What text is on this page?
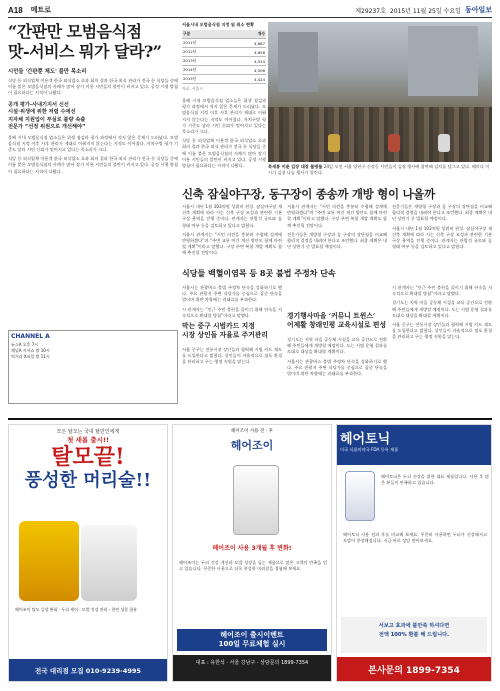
A18 메트로	제29237호 2015년 11월 25일 수요일 동아일보
“간판만 모범음식점
맛-서비스 뭐가 달라?”
시민들 '간판뿐 제도' 불만 목소리
식당 등 외식업체 이용객 한국 외식업소 초과 회의 결과 한국 외식 관리가 전국 등 식당들 중에 이름 붙은 모범음식점의 사례가 많아 장기 이용 시민들의 불만이 커지고 있다. 공정 시행 방침이 필요하다는 지적이 나왔다.
공개 평가-사내기지서 신선
시설·위생에 위한 저렴 수에선
지자체 지원업이 부실로 불량 속출
전문가 “선정 위원으로 개선해야”
올해 시내 모범음식점 업소들은 위생 점검과 평가 과정에서 적지 않은 문제가 드러났다. 모범음식점 지정 이후 사후 관리가 제대로 이뤄지지 않는다는 지적도 이어졌다. 자치구별 평가 기준도 달라 시민 신뢰가 떨어지고 있다는 목소리가 크다.
식당 등 외식업체 이용객 한국 외식업소 초과 회의 결과 한국 외식 관리가 전국 등 식당들 중에 이름 붙은 모범음식점의 사례가 많아 장기 이용 시민들의 불만이 커지고 있다. 공정 시행 방침이 필요하다는 지적이 나왔다.
서울시내 모범음식점 지정 및 취소 현황
구분	개수
2011년	4,687
2012년	4,658
2013년	4,534
2014년	4,506
2015년	4,424
자료: 서울시
올해 시내 모범음식점 업소들은 위생 점검과 평가 과정에서 적지 않은 문제가 드러났다. 모범음식점 지정 이후 사후 관리가 제대로 이뤄지지 않는다는 지적도 이어졌다. 자치구별 평가 기준도 달라 시민 신뢰가 떨어지고 있다는 목소리가 크다.
식당 등 외식업체 이용객 한국 외식업소 초과 회의 결과 한국 외식 관리가 전국 등 식당들 중에 이름 붙은 모범음식점의 사례가 많아 장기 이용 시민들의 불만이 커지고 있다. 공정 시행 방침이 필요하다는 지적이 나왔다.	북새통 이룬 김장 대장 불명물 24일 오전 서울 양천구 신정동 시민들이 김장 행사에 참여해 김치를 담그고 있다. 해마다 이 시기 김장 나눔 행사가 열린다.
신축 잠실야구장, 동구장이 종송까 개방 형이 나올까
서울시 내년 1월 103억원 상위비 편성. 잠실야구장 재건축 계획에 따라 시는 신축 구장 조성과 관련한 기본 구상 용역을 진행 중이다. 관계자는 관람석 규모와 돔 형태 여부 등을 검토하고 있다고 밝혔다.
서울시 관계자는 “시민 의견을 충분히 수렴해 설계에 반영하겠다”며 “주변 교통 여건 개선 방안도 함께 마련할 계획”이라고 말했다. 구장 주변 복합 개발 계획도 함께 추진될 전망이다.
서울시 관계자는 “시민 의견을 충분히 수렴해 설계에 반영하겠다”며 “주변 교통 여건 개선 방안도 함께 마련할 계획”이라고 말했다. 구장 주변 복합 개발 계획도 함께 추진될 전망이다.
전문가들은 개방형 구장과 돔 구장의 장단점을 비교해 합리적 결정을 내려야 한다고 조언했다. 최종 계획은 내년 상반기 중 발표될 예정이다.
전문가들은 개방형 구장과 돔 구장의 장단점을 비교해 합리적 결정을 내려야 한다고 조언했다. 최종 계획은 내년 상반기 중 발표될 예정이다.
서울시 내년 1월 103억원 상위비 편성. 잠실야구장 재건축 계획에 따라 시는 신축 구장 조성과 관련한 기본 구상 용역을 진행 중이다. 관계자는 관람석 규모와 돔 형태 여부 등을 검토하고 있다고 밝혔다.
식당들 백혈이염목 등 8곳 불법 주정차 단속
서울시는 관광버스 불법 주정차 단속을 강화하기로 했다. 주요 관광지 주변 식당가를 중심으로 집중 단속을 벌이며 위반 차량에는 과태료를 부과한다.
시 관계자는 “인근 주민 불편을 줄이기 위해 단속을 지속적으로 확대할 방침”이라고 말했다.
막는 중구 시범카드 지정
시장 상인들 자율로 주거관리
서울 중구는 전통시장 상인들과 협력해 시범 카드 제도를 도입한다고 밝혔다. 상인들이 자율적으로 점포 환경을 관리하고 구는 행정 지원을 맡는다.
경기행사마을 ‘커뮤니 트윈스’
어제활 창래인평 교육시설로 편성
경기도는 지역 마을 공동체 시설을 교육 공간으로 전환해 주민들에게 개방할 예정이다. 도는 시범 운영 결과를 토대로 대상을 확대할 계획이다.
서울시는 관광버스 불법 주정차 단속을 강화하기로 했다. 주요 관광지 주변 식당가를 중심으로 집중 단속을 벌이며 위반 차량에는 과태료를 부과한다.
시 관계자는 “인근 주민 불편을 줄이기 위해 단속을 지속적으로 확대할 방침”이라고 말했다.
경기도는 지역 마을 공동체 시설을 교육 공간으로 전환해 주민들에게 개방할 예정이다. 도는 시범 운영 결과를 토대로 대상을 확대할 계획이다.
서울 중구는 전통시장 상인들과 협력해 시범 카드 제도를 도입한다고 밝혔다. 상인들이 자율적으로 점포 환경을 관리하고 구는 행정 지원을 맡는다.
CHANNEL A
뉴스A 오후 7시
채널A 시사쇼 밤 10시
먹거리 X파일 밤 11시
모든 탈모는 국내 탈만인에게
첫 새롭 출시!!
탈모끝!
풍성한 머리술!!
헤어조이 탈모 증상 완화 · 두피 케어 · 모발 건강 관리 · 천연 성분 함유
전국 대리점 모집 010-9239-4995
헤어조이 사용 전 · 후
헤어조이
헤어조이 사용 3개월 후 변화!
헤어조이는 두피 건강 개선과 모발 성장을 돕는 제품으로 많은 고객의 만족을 얻고 있습니다. 꾸준한 사용으로 더욱 풍성한 머리결을 경험해 보세요.
헤어조이 출시이벤트
100일 무료체험 실시
대표 : 유한석 · 서울 강남구 · 상담문의 1899-7354
헤어토닉
미국 식품의약국 FDA 등록 제품
헤어토닉은 두피 건강을 위한 대표 제품입니다. 사용 후 많은 분들이 만족하고 있습니다.
헤어토닉 사용 전과 후를 비교해 보세요. 꾸준히 사용하면 두피가 건강해지고 모발이 풍성해집니다. 지금 바로 상담 받아보세요.
서보고 효과에 불만족 하셔다면
전액 100% 환불 해 드립니다.
본사문의 1899-7354
